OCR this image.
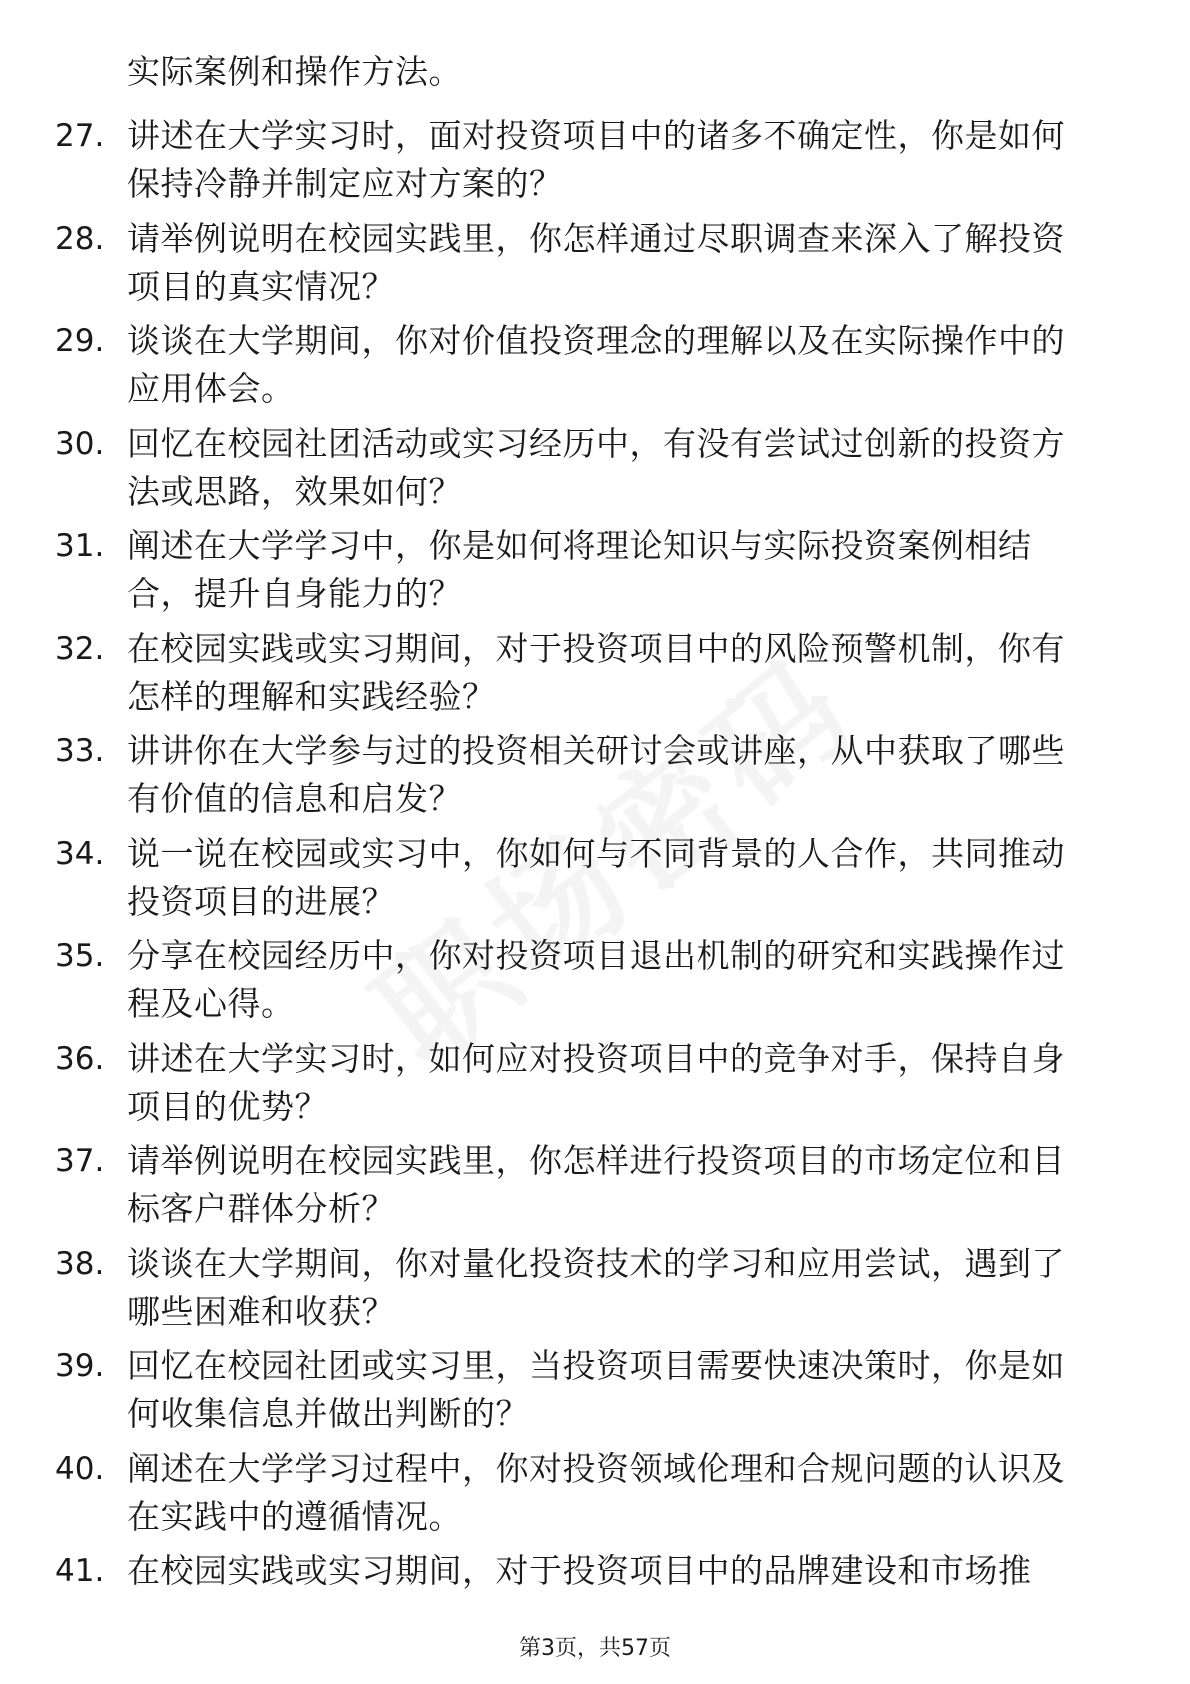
实际案例和操作方法。
27. 讲述在大学实习时，面对投资项目中的诸多不确定性，你是如何
保持冷静并制定应对方案的？
28. 请举例说明在校园实践里，你怎样通过尽职调查来深入了解投资
项目的真实情况？
29. 谈谈在大学期间，你对价值投资理念的理解以及在实际操作中的
应用体会。
30. 回忆在校园社团活动或实习经历中，有没有尝试过创新的投资方
法或思路，效果如何？
31. 阐述在大学学习中，你是如何将理论知识与实际投资案例相结
合，提升自身能力的？
32. 在校园实践或实习期间，对于投资项目中的风险预警机制，你有
怎样的理解和实践经验？
33. 讲讲你在大学参与过的投资相关研讨会或讲座，从中获取了哪些
有价值的信息和启发？
34. 说一说在校园或实习中，你如何与不同背景的人合作，共同推动
投资项目的进展？
35. 分享在校园经历中，你对投资项目退出机制的研究和实践操作过
程及心得。
36. 讲述在大学实习时，如何应对投资项目中的竞争对手，保持自身
项目的优势？
37. 请举例说明在校园实践里，你怎样进行投资项目的市场定位和目
标客户群体分析？
38. 谈谈在大学期间，你对量化投资技术的学习和应用尝试，遇到了
哪些困难和收获？
39. 回忆在校园社团或实习里，当投资项目需要快速决策时，你是如
何收集信息并做出判断的？
40. 阐述在大学学习过程中，你对投资领域伦理和合规问题的认识及
在实践中的遵循情况。
41. 在校园实践或实习期间，对于投资项目中的品牌建设和市场推
第3页，共57页
